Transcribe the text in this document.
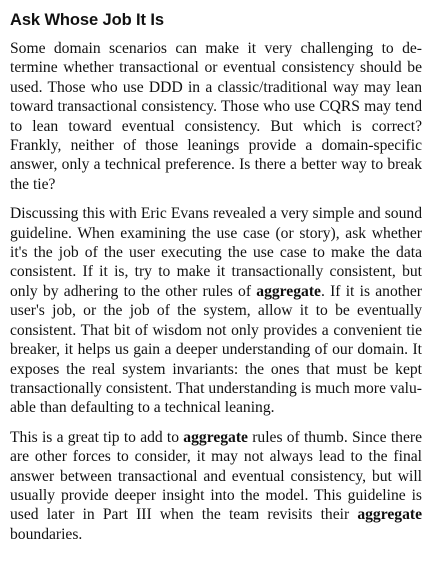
Ask Whose Job It Is

Some domain scenarios can make it very challenging to determine whether transactional or eventual consistency should be used. Those who use DDD in a classic/traditional way may lean toward transactional consistency. Those who use CQRS may tend to lean toward eventual consistency. But which is correct? Frankly, neither of those leanings provide a domain-specific answer, only a technical preference. Is there a better way to break the tie?

Discussing this with Eric Evans revealed a very simple and sound guideline. When examining the use case (or story), ask whether it's the job of the user executing the use case to make the data consistent. If it is, try to make it transactionally consistent, but only by adhering to the other rules of aggregate. If it is another user's job, or the job of the system, allow it to be eventually consistent. That bit of wisdom not only provides a convenient tie breaker, it helps us gain a deeper understanding of our domain. It exposes the real system invariants: the ones that must be kept transactionally consistent. That understanding is much more valuable than defaulting to a technical leaning.

This is a great tip to add to aggregate rules of thumb. Since there are other forces to consider, it may not always lead to the final answer between transactional and eventual consistency, but will usually provide deeper insight into the model. This guideline is used later in Part III when the team revisits their aggregate boundaries.
